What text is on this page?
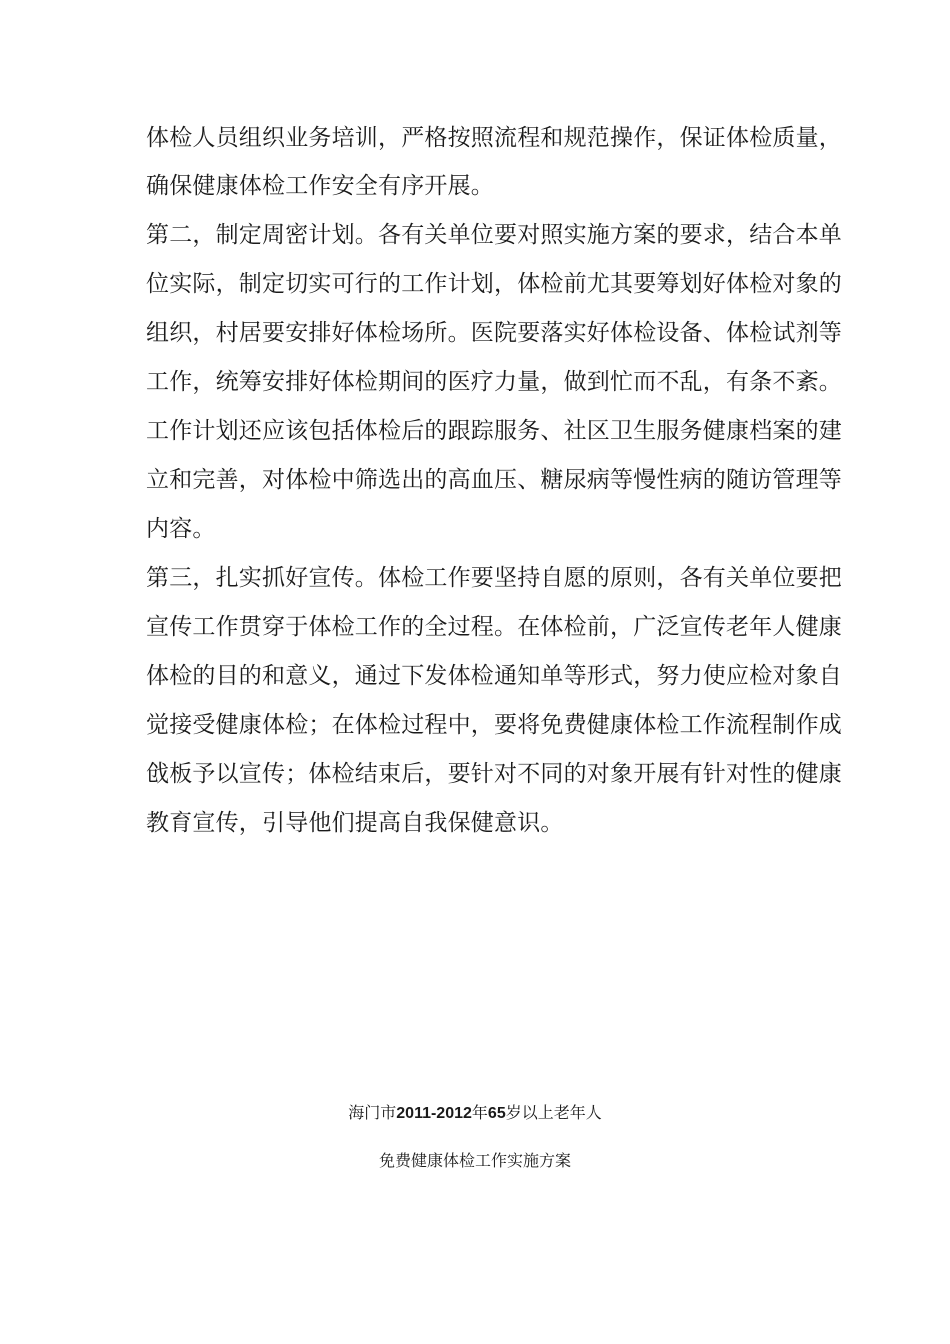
体检人员组织业务培训，严格按照流程和规范操作，保证体检质量，
确保健康体检工作安全有序开展。
第二，制定周密计划。各有关单位要对照实施方案的要求，结合本单
位实际，制定切实可行的工作计划，体检前尤其要筹划好体检对象的
组织，村居要安排好体检场所。医院要落实好体检设备、体检试剂等
工作，统筹安排好体检期间的医疗力量，做到忙而不乱，有条不紊。
工作计划还应该包括体检后的跟踪服务、社区卫生服务健康档案的建
立和完善，对体检中筛选出的高血压、糖尿病等慢性病的随访管理等
内容。
第三，扎实抓好宣传。体检工作要坚持自愿的原则，各有关单位要把
宣传工作贯穿于体检工作的全过程。在体检前，广泛宣传老年人健康
体检的目的和意义，通过下发体检通知单等形式，努力使应检对象自
觉接受健康体检；在体检过程中，要将免费健康体检工作流程制作成
戗板予以宣传；体检结束后，要针对不同的对象开展有针对性的健康
教育宣传，引导他们提高自我保健意识。
海门市2011-2012年65岁以上老年人
免费健康体检工作实施方案
